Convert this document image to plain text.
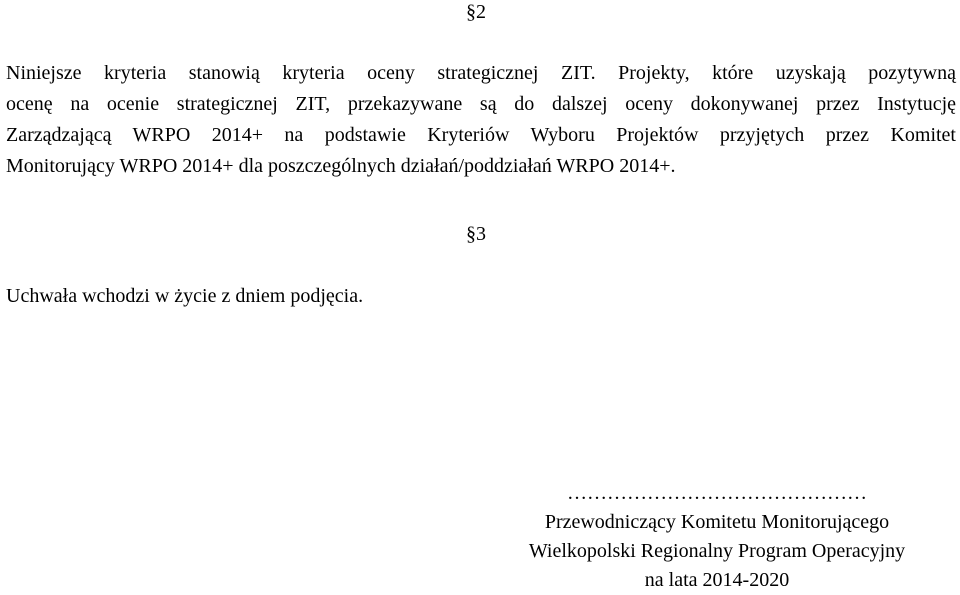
§2
Niniejsze kryteria stanowią kryteria oceny strategicznej ZIT. Projekty, które uzyskają pozytywną
ocenę na ocenie strategicznej ZIT, przekazywane są do dalszej oceny dokonywanej przez Instytucję
Zarządzającą WRPO 2014+ na podstawie Kryteriów Wyboru Projektów przyjętych przez Komitet
Monitorujący WRPO 2014+ dla poszczególnych działań/poddziałań WRPO 2014+.
§3
Uchwała wchodzi w życie z dniem podjęcia.
………………………………………
Przewodniczący Komitetu Monitorującego
Wielkopolski Regionalny Program Operacyjny
na lata 2014-2020
